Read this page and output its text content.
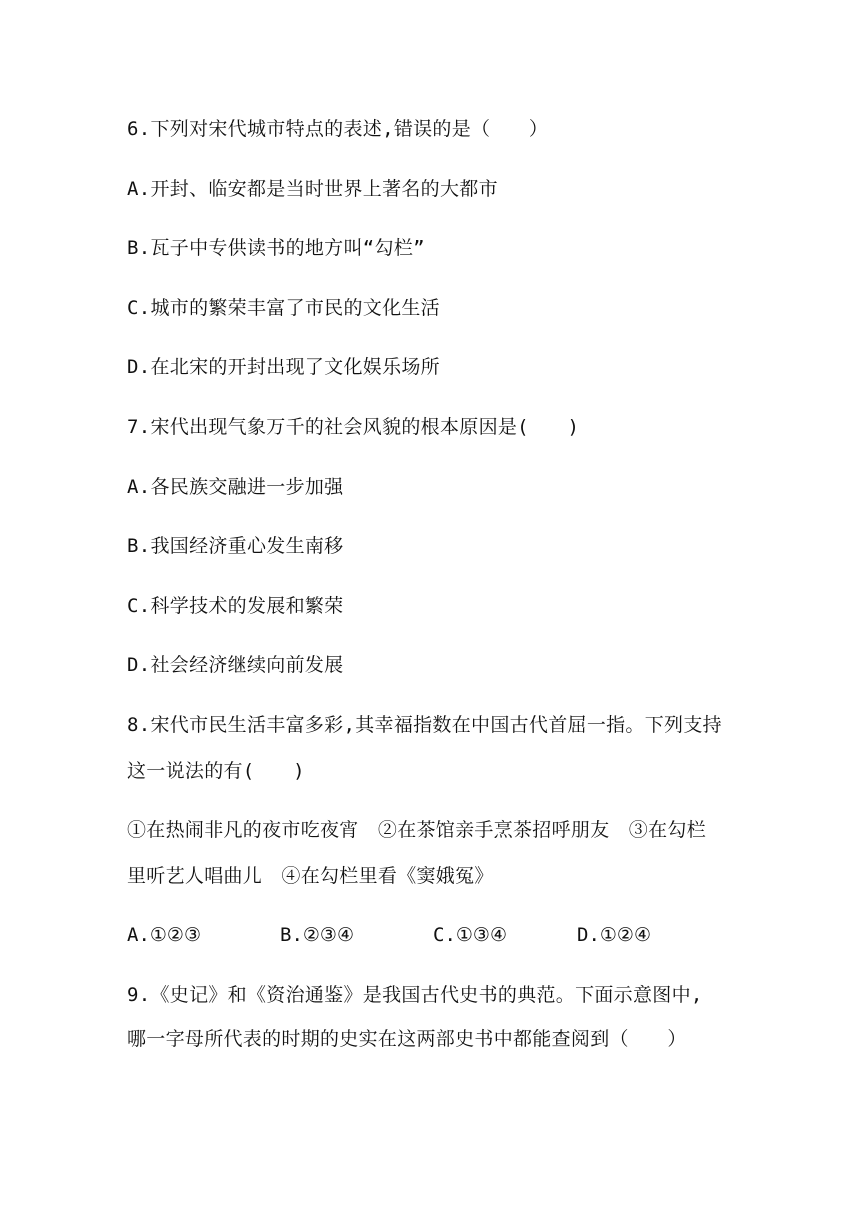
6.下列对宋代城市特点的表述,错误的是（　　）
A.开封、临安都是当时世界上著名的大都市
B.瓦子中专供读书的地方叫“勾栏”
C.城市的繁荣丰富了市民的文化生活
D.在北宋的开封出现了文化娱乐场所
7.宋代出现气象万千的社会风貌的根本原因是(　　)
A.各民族交融进一步加强
B.我国经济重心发生南移
C.科学技术的发展和繁荣
D.社会经济继续向前发展
8.宋代市民生活丰富多彩,其幸福指数在中国古代首屈一指。下列支持
这一说法的有(　　)
①在热闹非凡的夜市吃夜宵　②在茶馆亲手烹茶招呼朋友　③在勾栏
里听艺人唱曲儿　④在勾栏里看《窦娥冤》

A.①②③

	B.②③④

	C.①③④

	D.①②④

9.《史记》和《资治通鉴》是我国古代史书的典范。下面示意图中,
哪一字母所代表的时期的史实在这两部史书中都能查阅到（　　）
